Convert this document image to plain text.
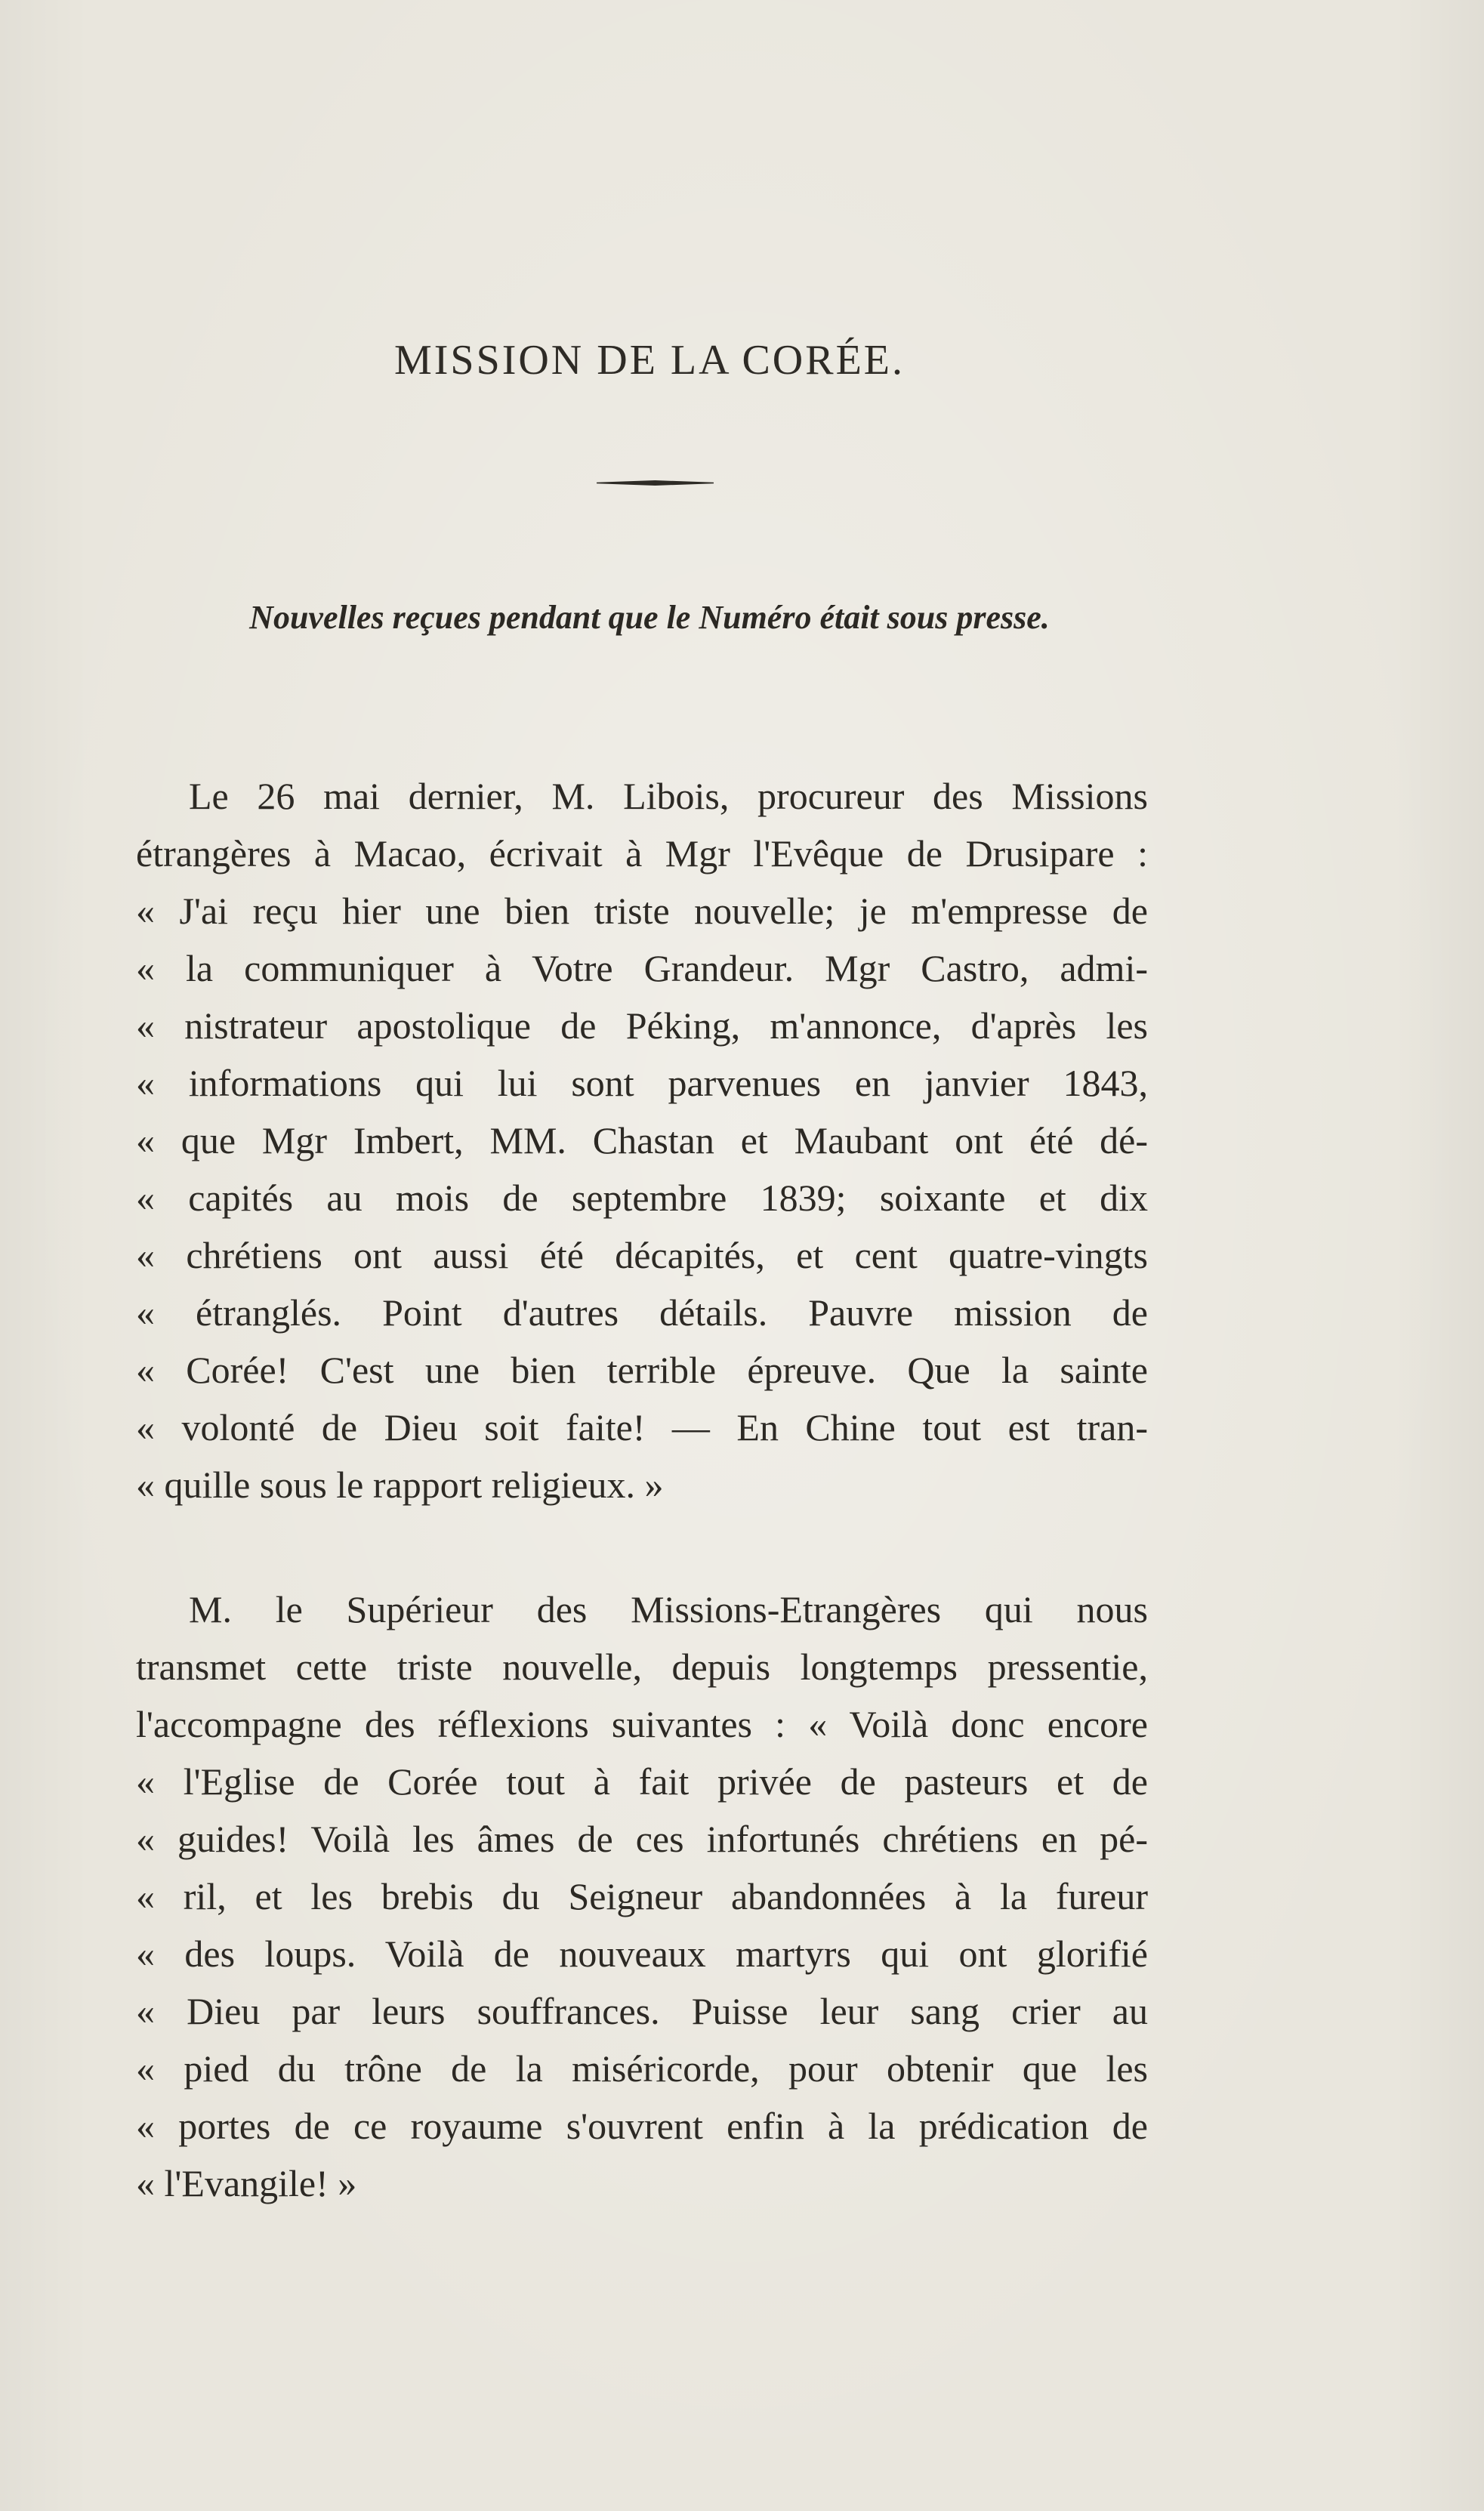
MISSION DE LA CORÉE.
Nouvelles reçues pendant que le Numéro était sous presse.
Le 26 mai dernier, M. Libois, procureur des Missions
étrangères à Macao, écrivait à Mgr l'Evêque de Drusipare :
« J'ai reçu hier une bien triste nouvelle; je m'empresse de
« la communiquer à Votre Grandeur. Mgr Castro, admi-
« nistrateur apostolique de Péking, m'annonce, d'après les
« informations qui lui sont parvenues en janvier 1843,
« que Mgr Imbert, MM. Chastan et Maubant ont été dé-
« capités au mois de septembre 1839; soixante et dix
« chrétiens ont aussi été décapités, et cent quatre-vingts
« étranglés. Point d'autres détails. Pauvre mission de
« Corée! C'est une bien terrible épreuve. Que la sainte
« volonté de Dieu soit faite! — En Chine tout est tran-
« quille sous le rapport religieux. »
M. le Supérieur des Missions-Etrangères qui nous
transmet cette triste nouvelle, depuis longtemps pressentie,
l'accompagne des réflexions suivantes : « Voilà donc encore
« l'Eglise de Corée tout à fait privée de pasteurs et de
« guides! Voilà les âmes de ces infortunés chrétiens en pé-
« ril, et les brebis du Seigneur abandonnées à la fureur
« des loups. Voilà de nouveaux martyrs qui ont glorifié
« Dieu par leurs souffrances. Puisse leur sang crier au
« pied du trône de la miséricorde, pour obtenir que les
« portes de ce royaume s'ouvrent enfin à la prédication de
« l'Evangile! »
